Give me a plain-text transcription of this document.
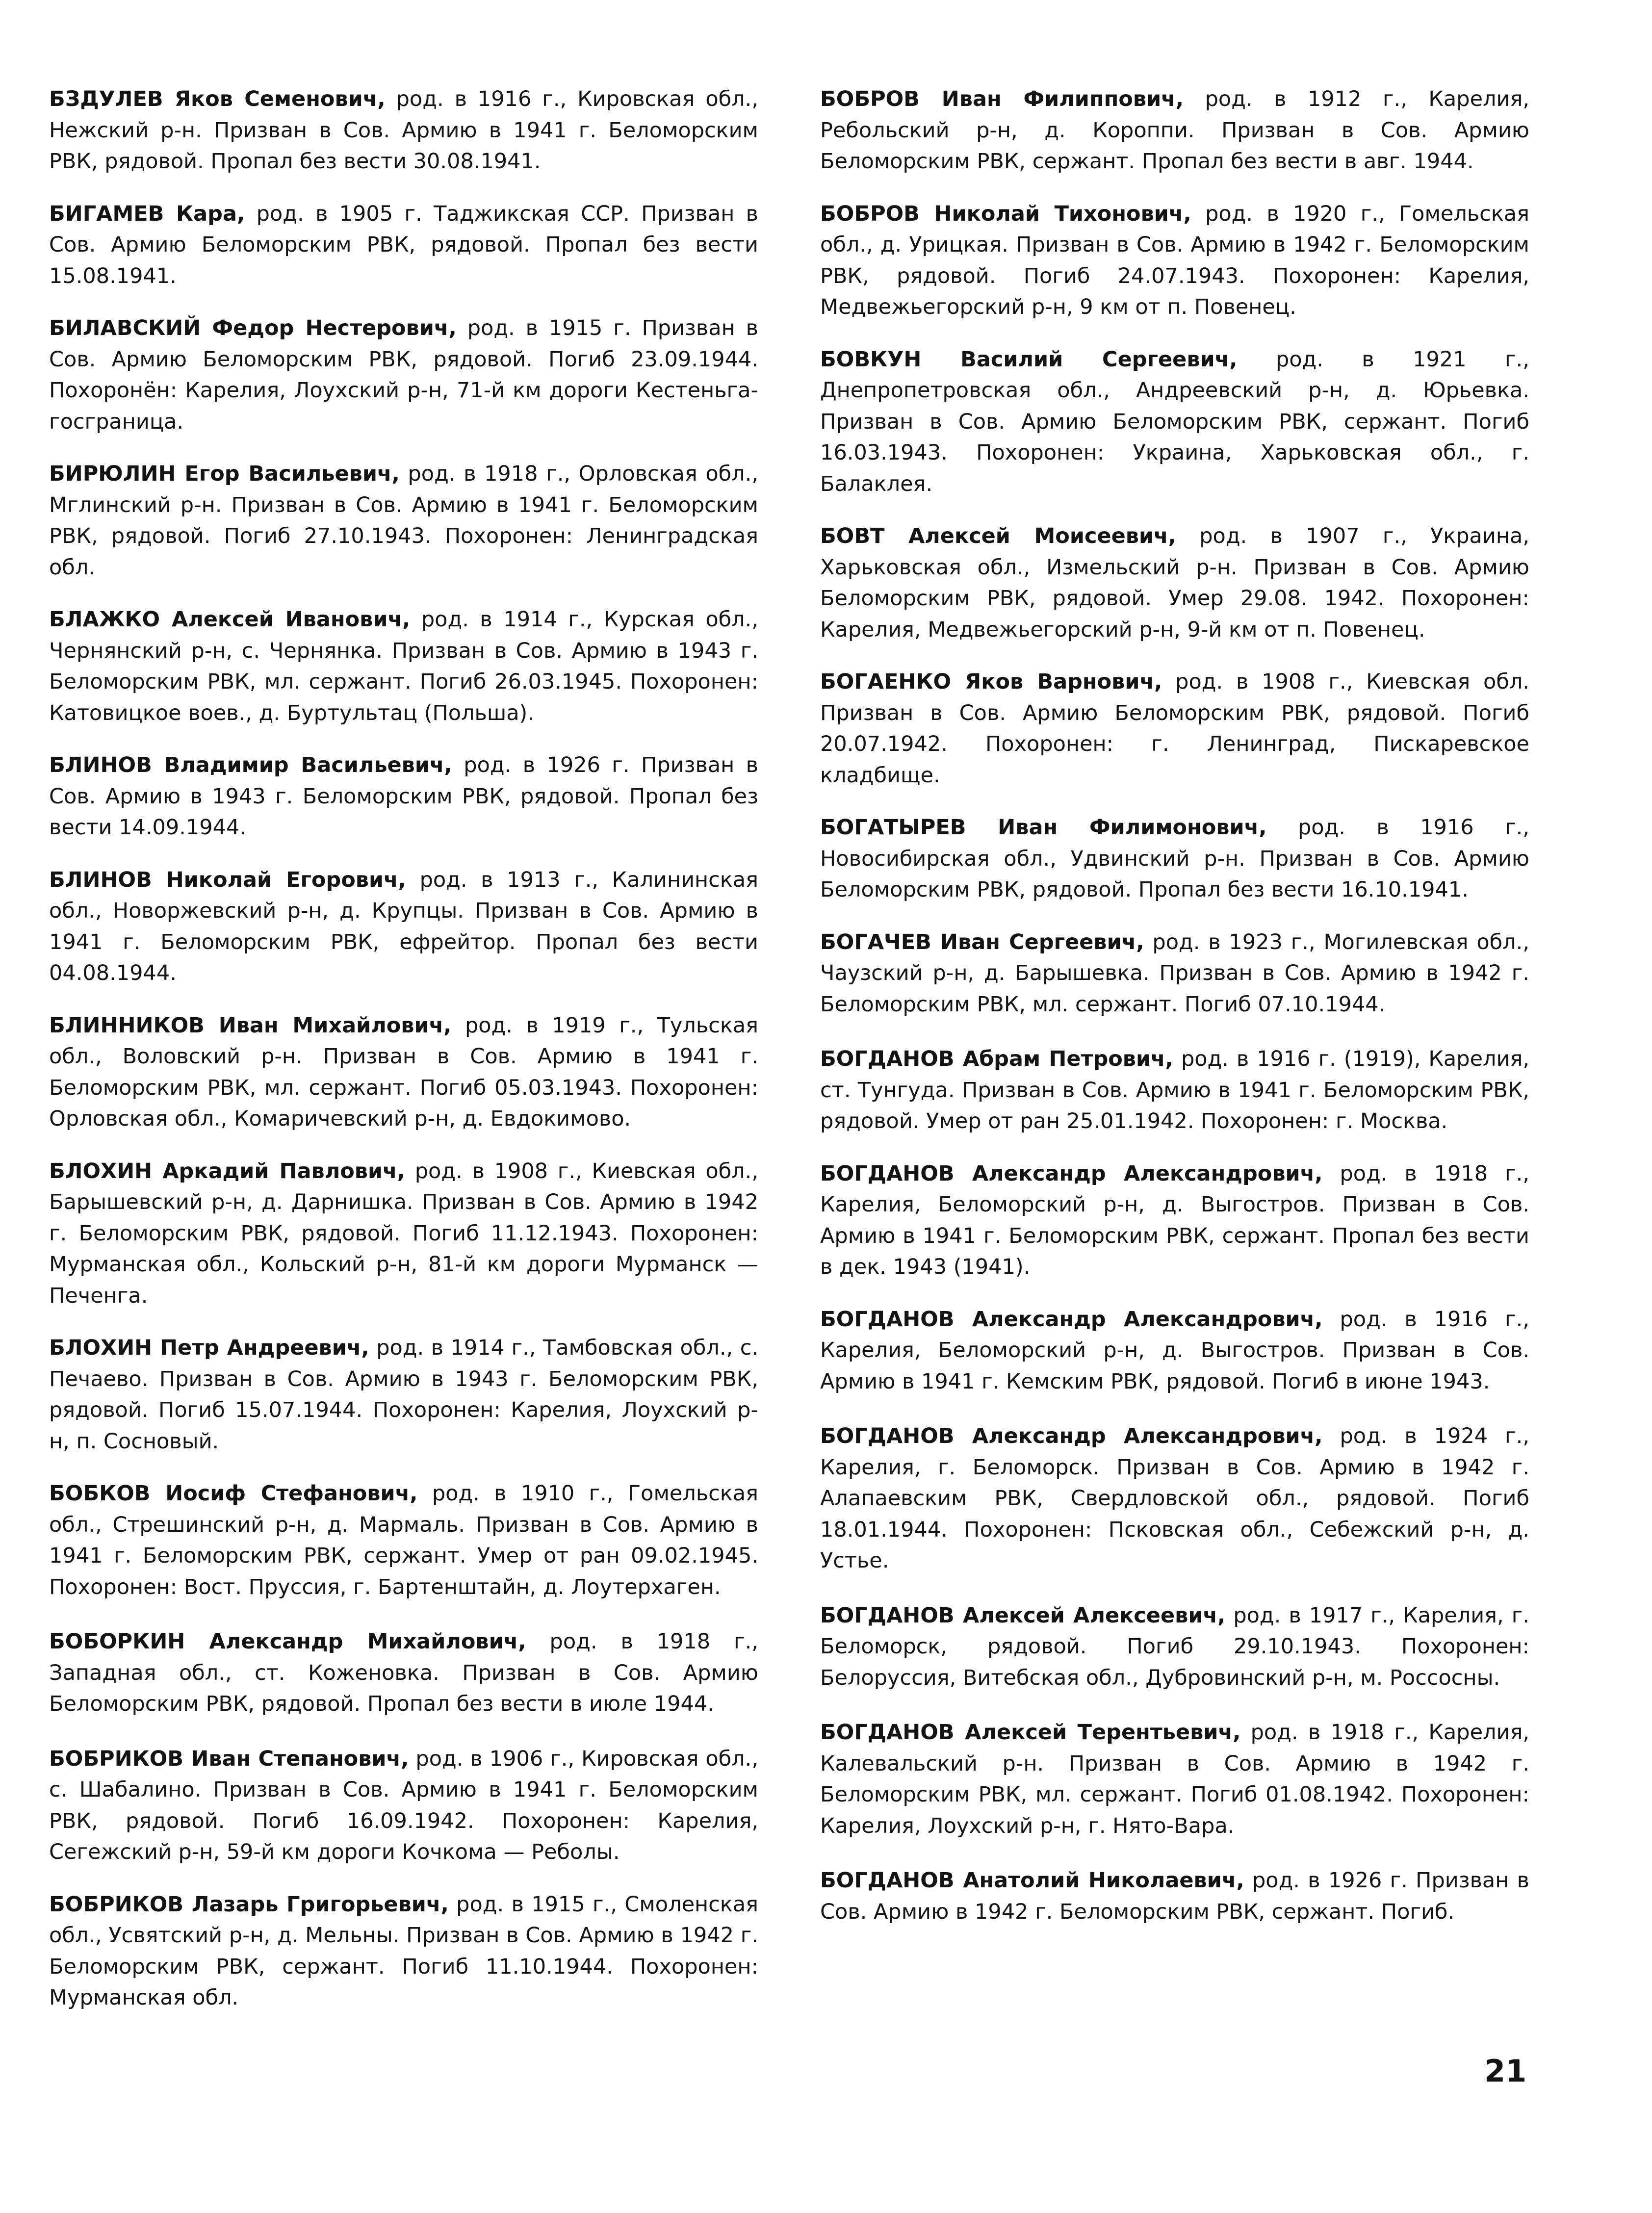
БЗДУЛЕВ Яков Семенович, род. в 1916 г., Кировская обл., Нежский р-н. Призван в Сов. Армию в 1941 г. Беломорским РВК, рядовой. Пропал без вести 30.08.1941.

БИГАМЕВ Кара, род. в 1905 г. Таджикская ССР. Призван в Сов. Армию Беломорским РВК, рядовой. Пропал без вести 15.08.1941.

БИЛАВСКИЙ Федор Нестерович, род. в 1915 г. Призван в Сов. Армию Беломорским РВК, рядовой. Погиб 23.09.1944. Похоронён: Карелия, Лоухский р-н, 71-й км дороги Кестеньга-госграница.

БИРЮЛИН Егор Васильевич, род. в 1918 г., Орловская обл., Мглинский р-н. Призван в Сов. Армию в 1941 г. Беломорским РВК, рядовой. Погиб 27.10.1943. Похоронен: Ленинградская обл.

БЛАЖКО Алексей Иванович, род. в 1914 г., Курская обл., Чернянский р-н, с. Чернянка. Призван в Сов. Армию в 1943 г. Беломорским РВК, мл. сержант. Погиб 26.03.1945. Похоронен: Катовицкое воев., д. Буртультац (Польша).

БЛИНОВ Владимир Васильевич, род. в 1926 г. Призван в Сов. Армию в 1943 г. Беломорским РВК, рядовой. Пропал без вести 14.09.1944.

БЛИНОВ Николай Егорович, род. в 1913 г., Калининская обл., Новоржевский р-н, д. Крупцы. Призван в Сов. Армию в 1941 г. Беломорским РВК, ефрейтор. Пропал без вести 04.08.1944.

БЛИННИКОВ Иван Михайлович, род. в 1919 г., Тульская обл., Воловский р-н. Призван в Сов. Армию в 1941 г. Беломорским РВК, мл. сержант. Погиб 05.03.1943. Похоронен: Орловская обл., Комаричевский р-н, д. Евдокимово.

БЛОХИН Аркадий Павлович, род. в 1908 г., Киевская обл., Барышевский р-н, д. Дарнишка. Призван в Сов. Армию в 1942 г. Беломорским РВК, рядовой. Погиб 11.12.1943. Похоронен: Мурманская обл., Кольский р-н, 81-й км дороги Мурманск — Печенга.

БЛОХИН Петр Андреевич, род. в 1914 г., Тамбовская обл., с. Печаево. Призван в Сов. Армию в 1943 г. Беломорским РВК, рядовой. Погиб 15.07.1944. Похоронен: Карелия, Лоухский р-н, п. Сосновый.

БОБКОВ Иосиф Стефанович, род. в 1910 г., Гомельская обл., Стрешинский р-н, д. Мармаль. Призван в Сов. Армию в 1941 г. Беломорским РВК, сержант. Умер от ран 09.02.1945. Похоронен: Вост. Пруссия, г. Бартенштайн, д. Лоутерхаген.

БОБОРКИН Александр Михайлович, род. в 1918 г., Западная обл., ст. Коженовка. Призван в Сов. Армию Беломорским РВК, рядовой. Пропал без вести в июле 1944.

БОБРИКОВ Иван Степанович, род. в 1906 г., Кировская обл., с. Шабалино. Призван в Сов. Армию в 1941 г. Беломорским РВК, рядовой. Погиб 16.09.1942. Похоронен: Карелия, Сегежский р-н, 59-й км дороги Кочкома — Реболы.

БОБРИКОВ Лазарь Григорьевич, род. в 1915 г., Смоленская обл., Усвятский р-н, д. Мельны. Призван в Сов. Армию в 1942 г. Беломорским РВК, сержант. Погиб 11.10.1944. Похоронен: Мурманская обл.

БОБРОВ Иван Филиппович, род. в 1912 г., Карелия, Ребольский р-н, д. Короппи. Призван в Сов. Армию Беломорским РВК, сержант. Пропал без вести в авг. 1944.

БОБРОВ Николай Тихонович, род. в 1920 г., Гомельская обл., д. Урицкая. Призван в Сов. Армию в 1942 г. Беломорским РВК, рядовой. Погиб 24.07.1943. Похоронен: Карелия, Медвежьегорский р-н, 9 км от п. Повенец.

БОВКУН Василий Сергеевич, род. в 1921 г., Днепропетровская обл., Андреевский р-н, д. Юрьевка. Призван в Сов. Армию Беломорским РВК, сержант. Погиб 16.03.1943. Похоронен: Украина, Харьковская обл., г. Балаклея.

БОВТ Алексей Моисеевич, род. в 1907 г., Украина, Харьковская обл., Измельский р-н. Призван в Сов. Армию Беломорским РВК, рядовой. Умер 29.08. 1942. Похоронен: Карелия, Медвежьегорский р-н, 9-й км от п. Повенец.

БОГАЕНКО Яков Варнович, род. в 1908 г., Киевская обл. Призван в Сов. Армию Беломорским РВК, рядовой. Погиб 20.07.1942. Похоронен: г. Ленинград, Пискаревское кладбище.

БОГАТЫРЕВ Иван Филимонович, род. в 1916 г., Новосибирская обл., Удвинский р-н. Призван в Сов. Армию Беломорским РВК, рядовой. Пропал без вести 16.10.1941.

БОГАЧЕВ Иван Сергеевич, род. в 1923 г., Могилевская обл., Чаузский р-н, д. Барышевка. Призван в Сов. Армию в 1942 г. Беломорским РВК, мл. сержант. Погиб 07.10.1944.

БОГДАНОВ Абрам Петрович, род. в 1916 г. (1919), Карелия, ст. Тунгуда. Призван в Сов. Армию в 1941 г. Беломорским РВК, рядовой. Умер от ран 25.01.1942. Похоронен: г. Москва.

БОГДАНОВ Александр Александрович, род. в 1918 г., Карелия, Беломорский р-н, д. Выгостров. Призван в Сов. Армию в 1941 г. Беломорским РВК, сержант. Пропал без вести в дек. 1943 (1941).

БОГДАНОВ Александр Александрович, род. в 1916 г., Карелия, Беломорский р-н, д. Выгостров. Призван в Сов. Армию в 1941 г. Кемским РВК, рядовой. Погиб в июне 1943.

БОГДАНОВ Александр Александрович, род. в 1924 г., Карелия, г. Беломорск. Призван в Сов. Армию в 1942 г. Алапаевским РВК, Свердловской обл., рядовой. Погиб 18.01.1944. Похоронен: Псковская обл., Себежский р-н, д. Устье.

БОГДАНОВ Алексей Алексеевич, род. в 1917 г., Карелия, г. Беломорск, рядовой. Погиб 29.10.1943. Похоронен: Белоруссия, Витебская обл., Дубровинский р-н, м. Россосны.

БОГДАНОВ Алексей Терентьевич, род. в 1918 г., Карелия, Калевальский р-н. Призван в Сов. Армию в 1942 г. Беломорским РВК, мл. сержант. Погиб 01.08.1942. Похоронен: Карелия, Лоухский р-н, г. Нято-Вара.

БОГДАНОВ Анатолий Николаевич, род. в 1926 г. Призван в Сов. Армию в 1942 г. Беломорским РВК, сержант. Погиб.

21
